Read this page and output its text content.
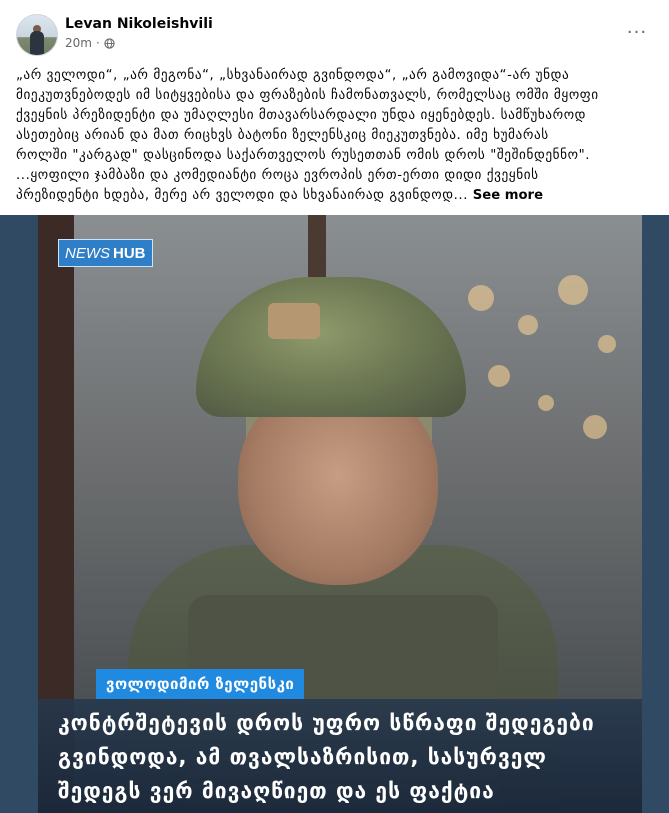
Levan Nikoleishvili
20m ·
···
„არ ველოდი“, „არ მეგონა“, „სხვანაირად გვინდოდა“, „არ გამოვიდა“-არ უნდა
მიეკუთვნებოდეს იმ სიტყვებისა და ფრაზების ჩამონათვალს, რომელსაც ომში მყოფი
ქვეყნის პრეზიდენტი და უმაღლესი მთავარსარდალი უნდა იყენებდეს. სამწუხაროდ
ასეთებიც არიან და მათ რიცხვს ბატონი ზელენსკიც მიეკუთვნება. იმე ხუმარას
როლში "კარგად" დასცინოდა საქართველოს რუსეთთან ომის დროს "შეშინდენნო".
...ყოფილი ჯამბაზი და კომედიანტი როცა ევროპის ერთ-ერთი დიდი ქვეყნის
პრეზიდენტი ხდება, მერე არ ველოდი და სხვანაირად გვინდოდ... See more
NEWS HUB
ვოლოდიმირ ზელენსკი
კონტრშეტევის დროს უფრო სწრაფი შედეგები
გვინდოდა, ამ თვალსაზრისით, სასურველ
შედეგს ვერ მივაღწიეთ და ეს ფაქტია
